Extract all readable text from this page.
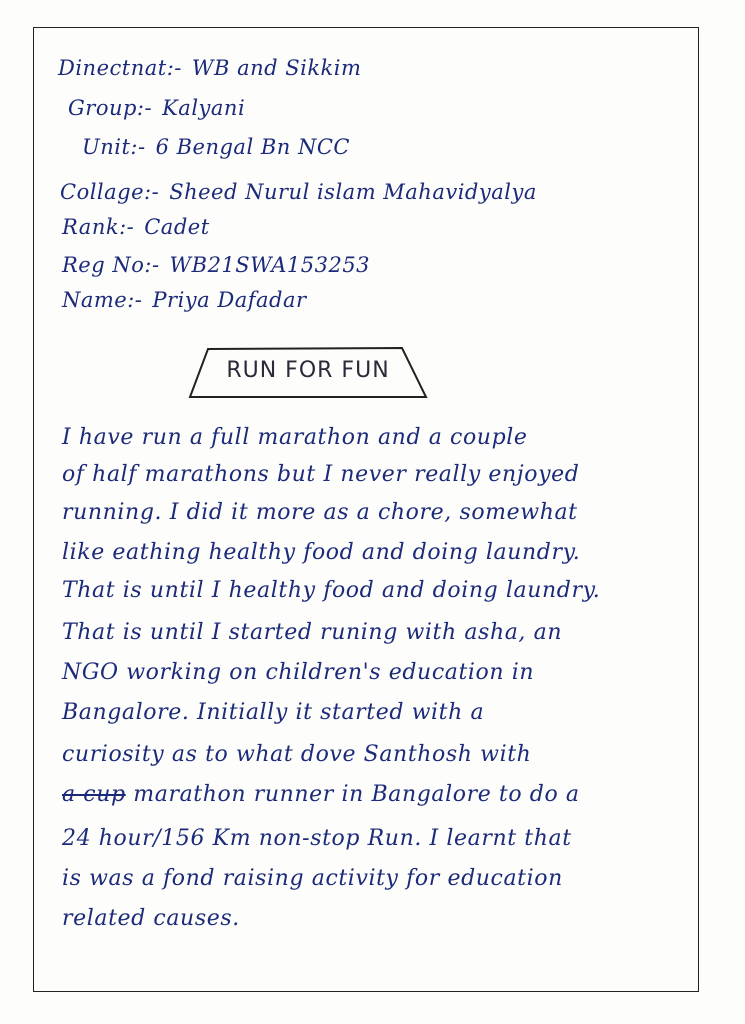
Dinectnat:- WB and Sikkim
Group:- Kalyani
Unit:- 6 Bengal Bn NCC
Collage:- Sheed Nurul islam Mahavidyalya
Rank:- Cadet
Reg No:- WB21SWA153253
Name:- Priya Dafadar
RUN FOR FUN
I have run a full marathon and a couple
of half marathons but I never really enjoyed
running. I did it more as a chore, somewhat
like eathing healthy food and doing laundry.
That is until I healthy food and doing laundry.
That is until I started runing with asha, an
NGO working on children's education in
Bangalore. Initially it started with a
curiosity as to what dove Santhosh with
a cup marathon runner in Bangalore to do a
24 hour/156 Km non-stop Run. I learnt that
is was a fond raising activity for education
related causes.
